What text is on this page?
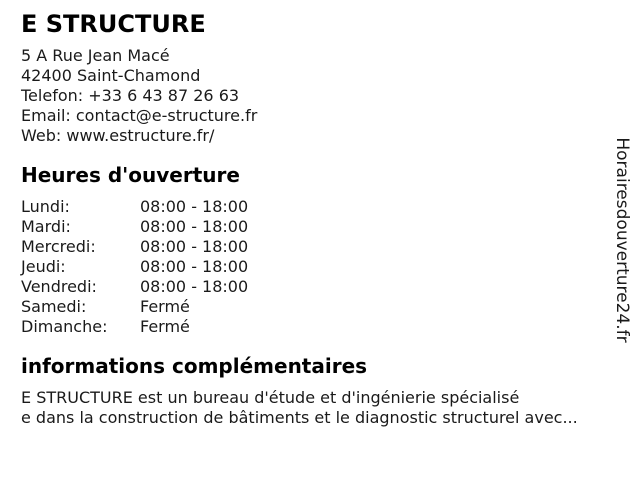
E STRUCTURE
5 A Rue Jean Macé
42400 Saint-Chamond
Telefon: +33 6 43 87 26 63
Email: contact@e-structure.fr
Web: www.estructure.fr/
Heures d'ouverture
Lundi:	08:00 - 18:00
Mardi:	08:00 - 18:00
Mercredi:	08:00 - 18:00
Jeudi:	08:00 - 18:00
Vendredi:	08:00 - 18:00
Samedi:	Fermé
Dimanche:	Fermé
informations complémentaires
E STRUCTURE est un bureau d'étude et d'ingénierie spécialisé
e dans la construction de bâtiments et le diagnostic structurel avec...
Horairesdouverture24.fr
